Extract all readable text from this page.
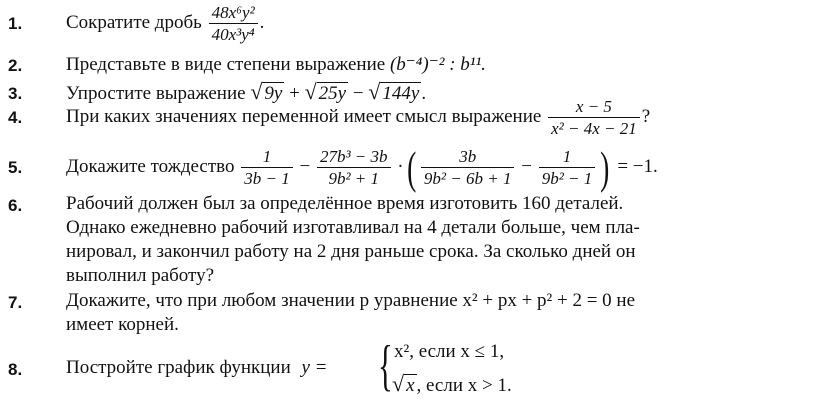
1.	Сократите дробь $\frac{\text{48x⁶y²}}{\text{40x³y⁴}}$ .
2.	Представьте в виде степени выражение (b⁻⁴)⁻² : b¹¹.
3.	Упростите выражение √ 9y + √ 25y − √ 144y .
4.	При каких значениях переменной имеет смысл выражение $\frac{x - 5}{\text{x² − 4x − 21}}$ ?
5.	Докажите тождество $\frac{1}{3b - 1} - \frac{\text{27b³ − 3b}}{\text{9b² + 1}}$ ·( $\frac{3b}{\text{9b² − 6b + 1}} - \frac{1}{\text{9b² − 1}}$ ) = −1.
6.	Рабочий должен был за определённое время изготовить 160 деталей.
Однако ежедневно рабочий изготавливал на 4 детали больше, чем пла-
нировал, и закончил работу на 2 дня раньше срока. За сколько дней он
выполнил работу?
7.	Докажите, что при любом значении p уравнение x² + px + p² + 2 = 0 не
имеет корней.
8.	Постройте график функции y = { x², если x ≤ 1,
√ x , если x > 1.
